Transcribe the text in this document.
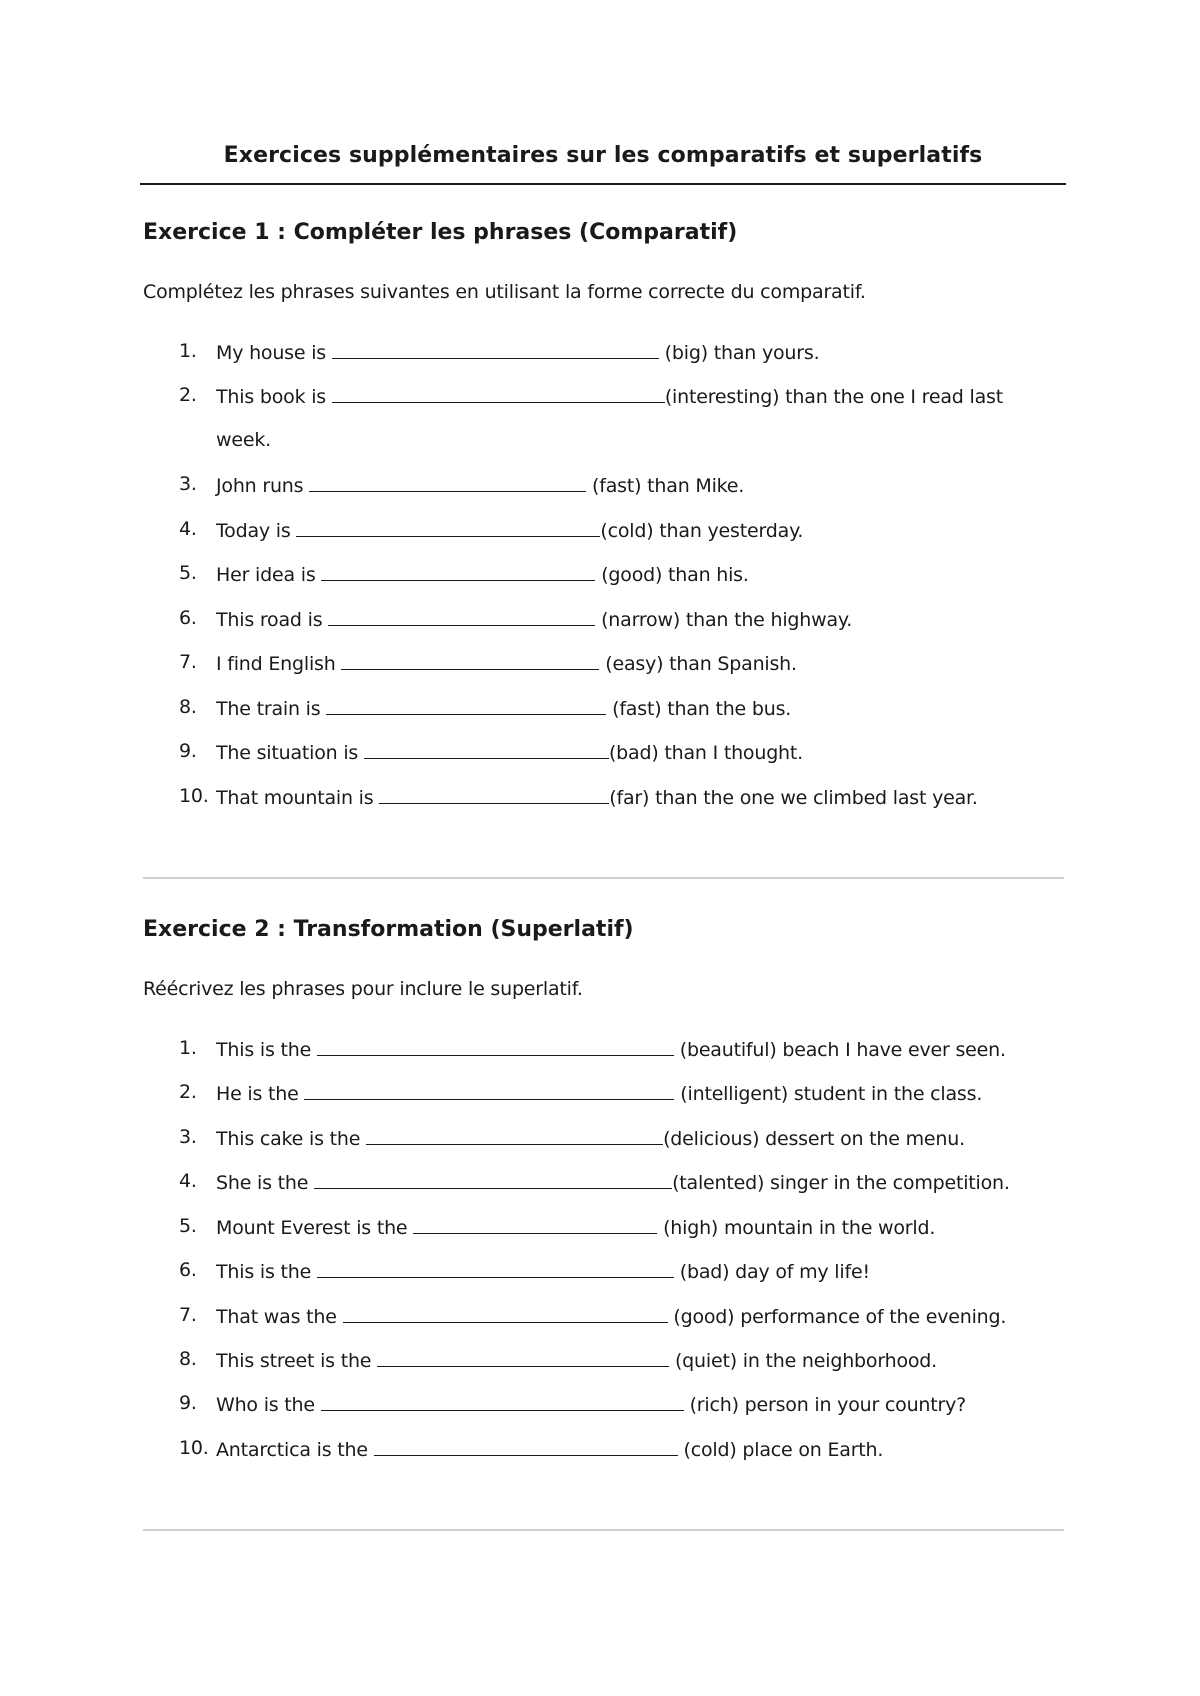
Exercices supplémentaires sur les comparatifs et superlatifs
Exercice 1 : Compléter les phrases (Comparatif)
Complétez les phrases suivantes en utilisant la forme correcte du comparatif.
1.	My house is	(big) than yours.
2.	This book is	(interesting) than the one I read last
week.
3.	John runs	(fast) than Mike.
4.	Today is	(cold) than yesterday.
5.	Her idea is	(good) than his.
6.	This road is	(narrow) than the highway.
7.	I find English	(easy) than Spanish.
8.	The train is	(fast) than the bus.
9.	The situation is	(bad) than I thought.
10. That mountain is	(far) than the one we climbed last year.
Exercice 2 : Transformation (Superlatif)
Réécrivez les phrases pour inclure le superlatif.
1.	This is the	(beautiful) beach I have ever seen.
2.	He is the	(intelligent) student in the class.
3.	This cake is the	(delicious) dessert on the menu.
4.	She is the	(talented) singer in the competition.
5.	Mount Everest is the	(high) mountain in the world.
6.	This is the	(bad) day of my life!
7.	That was the	(good) performance of the evening.
8.	This street is the	(quiet) in the neighborhood.
9.	Who is the	(rich) person in your country?
10. Antarctica is the	(cold) place on Earth.
